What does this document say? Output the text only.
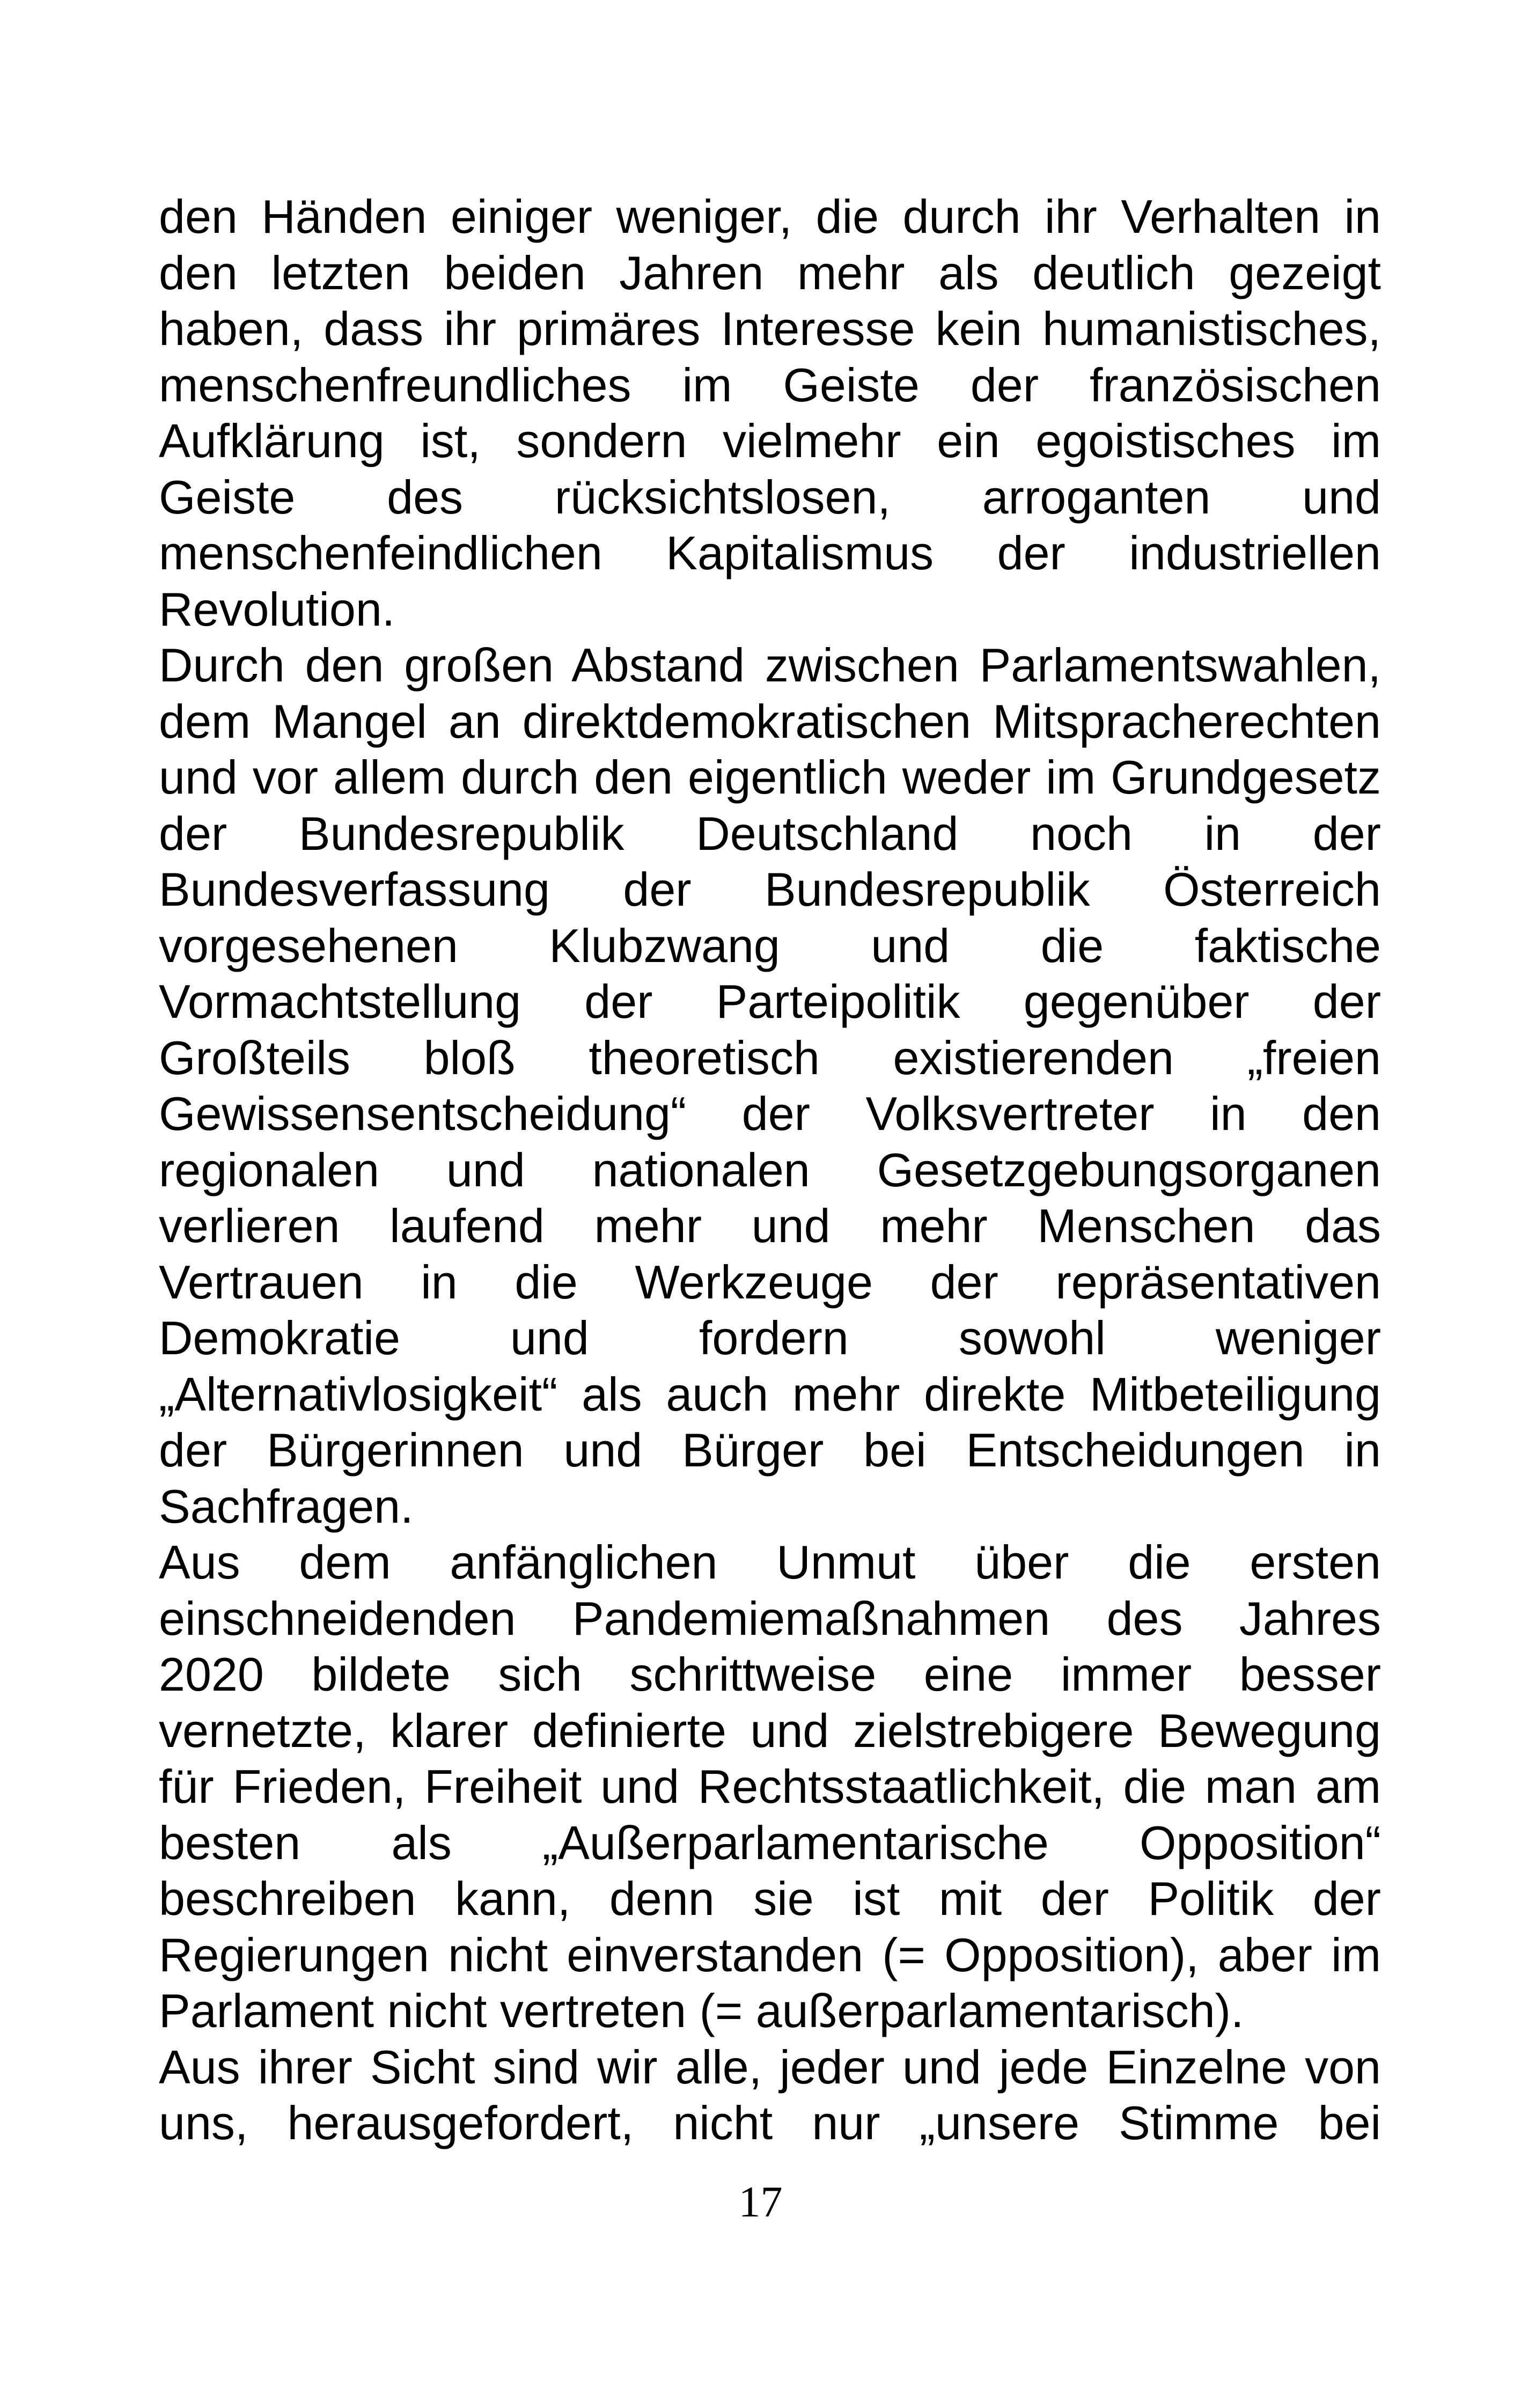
den Händen einiger weniger, die durch ihr Verhalten in
den letzten beiden Jahren mehr als deutlich gezeigt
haben, dass ihr primäres Interesse kein humanistisches,
menschenfreundliches im Geiste der französischen
Aufklärung ist, sondern vielmehr ein egoistisches im
Geiste des rücksichtslosen, arroganten und
menschenfeindlichen Kapitalismus der industriellen
Revolution.
Durch den großen Abstand zwischen Parlamentswahlen,
dem Mangel an direktdemokratischen Mitspracherechten
und vor allem durch den eigentlich weder im Grundgesetz
der Bundesrepublik Deutschland noch in der
Bundesverfassung der Bundesrepublik Österreich
vorgesehenen Klubzwang und die faktische
Vormachtstellung der Parteipolitik gegenüber der
Großteils bloß theoretisch existierenden „freien
Gewissensentscheidung“ der Volksvertreter in den
regionalen und nationalen Gesetzgebungsorganen
verlieren laufend mehr und mehr Menschen das
Vertrauen in die Werkzeuge der repräsentativen
Demokratie und fordern sowohl weniger
„Alternativlosigkeit“ als auch mehr direkte Mitbeteiligung
der Bürgerinnen und Bürger bei Entscheidungen in
Sachfragen.
Aus dem anfänglichen Unmut über die ersten
einschneidenden Pandemiemaßnahmen des Jahres
2020 bildete sich schrittweise eine immer besser
vernetzte, klarer definierte und zielstrebigere Bewegung
für Frieden, Freiheit und Rechtsstaatlichkeit, die man am
besten als „Außerparlamentarische Opposition“
beschreiben kann, denn sie ist mit der Politik der
Regierungen nicht einverstanden (= Opposition), aber im
Parlament nicht vertreten (= außerparlamentarisch).
Aus ihrer Sicht sind wir alle, jeder und jede Einzelne von
uns, herausgefordert, nicht nur „unsere Stimme bei
17
